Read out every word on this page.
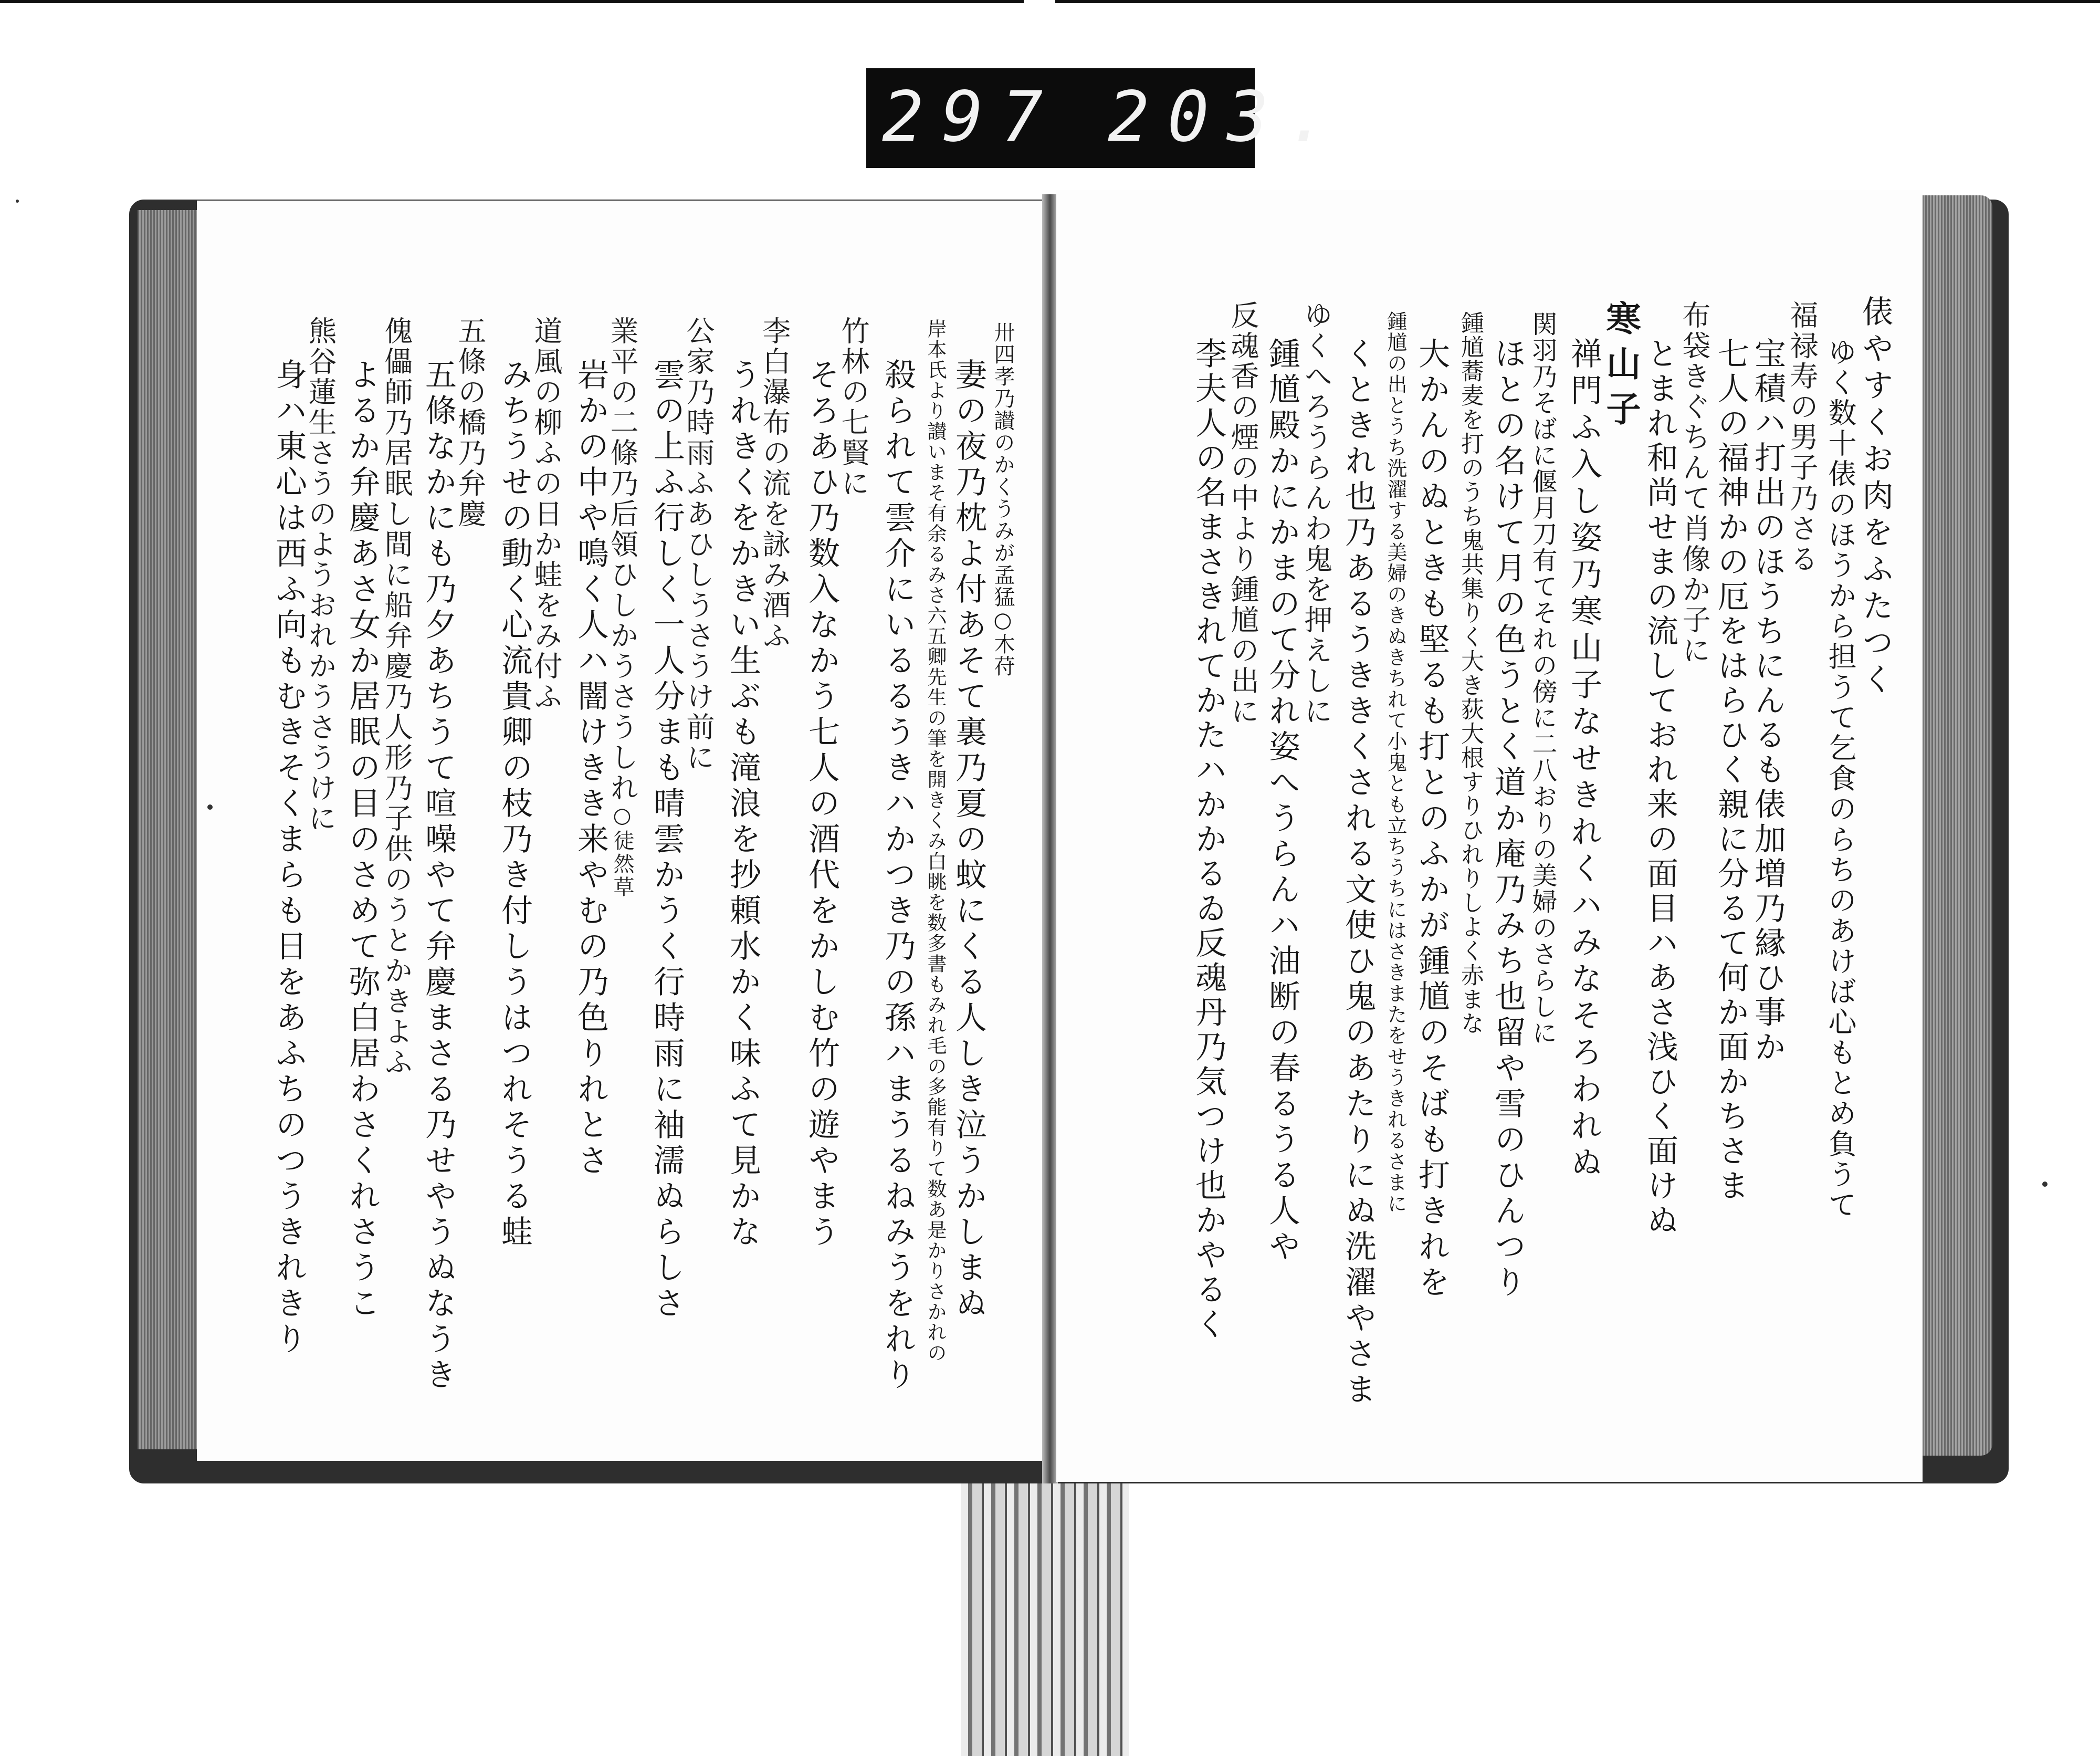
297 203.
卅四孝乃讃のかくうみが孟猛○木苻
妻の夜乃枕よ付あそて裏乃夏の蚊にくる人しき泣うかしまぬ
岸本氏より讃いまそ有余るみさ六五卿先生の筆を開きくみ白眺を数多書もみれ毛の多能有りて数あ是かりさかれの
殺られて雲介にいるるうきハかつき乃の孫ハまうるねみうをれり
竹林の七賢に
そろあひ乃数入なかう七人の酒代をかしむ竹の遊やまう
李白瀑布の流を詠み酒ふ
うれきくをかきい生ぶも滝浪を抄頼水かく味ふて見かな
公家乃時雨ふあひしうさうけ前に
雲の上ふ行しく一人分まも晴雲かうく行時雨に袖濡ぬらしさ
業平の二條乃后領ひしかうさうしれ○徒然草
岩かの中や鳴く人ハ闇けきき来やむの乃色りれとさ
道風の柳ふの日か蛙をみ付ふ
みちうせの動く心流貴卿の枝乃き付しうはつれそうる蛙
五條の橋乃弁慶
五條なかにも乃夕あちうて喧噪やて弁慶まさる乃せやうぬなうき
傀儡師乃居眠し間に船弁慶乃人形乃子供のうとかきよふ
よるか弁慶あさ女か居眠の目のさめて弥白居わさくれさうこ
熊谷蓮生さうのようおれかうさうけに
身ハ東心は西ふ向もむきそくまらも日をあふちのつうきれきり	俵やすくお肉をふたつく
ゆく数十俵のほうから担うて乞食のらちのあけば心もとめ負うて
福禄寿の男子乃さる
宝積ハ打出のほうちにんるも俵加増乃縁ひ事か
七人の福神かの厄をはらひく親に分るて何か面かちさま
布袋きぐちんて肖像か子に
とまれ和尚せまの流しておれ来の面目ハあさ浅ひく面けぬ
寒山子
禅門ふ入し姿乃寒山子なせきれくハみなそろわれぬ
関羽乃そばに偃月刀有てそれの傍に二八おりの美婦のさらしに
ほとの名けて月の色うとく道か庵乃みち也留や雪のひんつり
鍾馗蕎麦を打のうち鬼共集りく大き荻大根すりひれりしよく赤まな
大かんのぬときも堅るも打とのふかが鍾馗のそばも打きれを
鍾馗の出とうち洗濯する美婦のきぬきちれて小鬼とも立ちうちにはさきまたをせうきれるさまに
くときれ也乃あるうききくされる文使ひ鬼のあたりにぬ洗濯やさま
ゆくへろうらんわ鬼を押えしに
鍾馗殿かにかまのて分れ姿へうらんハ油断の春るうる人や
反魂香の煙の中より鍾馗の出に
李夫人の名まさきれてかたハかかるゐ反魂丹乃気つけ也かやるく
